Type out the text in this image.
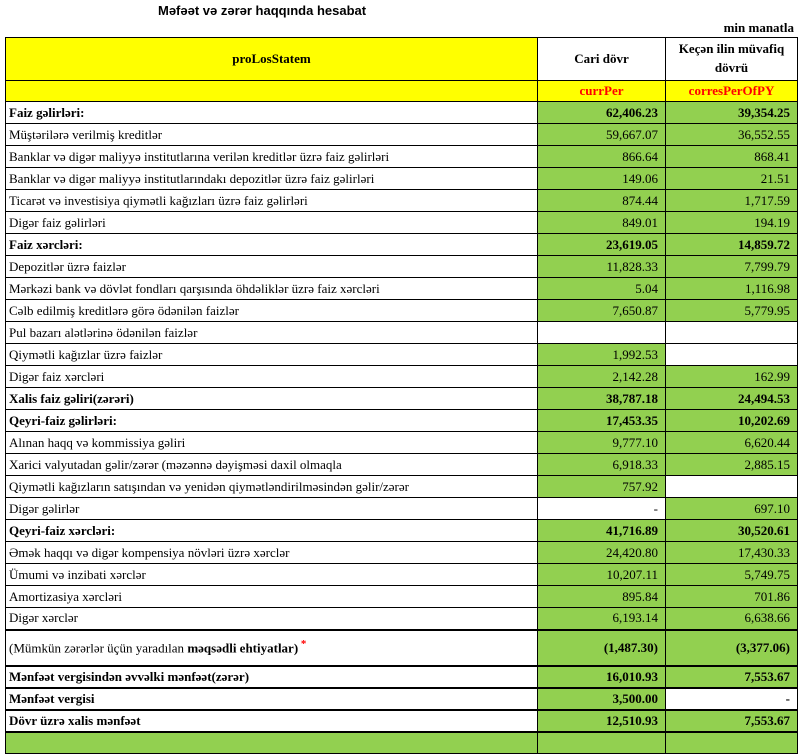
Məfəət və zərər haqqında hesabat
min manatla
proLosStatem	Cari dövr	Keçən ilin müvafiq dövrü
	currPer	corresPerOfPY
Faiz gəlirləri:	62,406.23	39,354.25
Müştərilərə verilmiş kreditlər	59,667.07	36,552.55
Banklar və digər maliyyə institutlarına verilən kreditlər üzrə faiz gəlirləri	866.64	868.41
Banklar və digər maliyyə institutlarındakı depozitlər üzrə faiz gəlirləri	149.06	21.51
Ticarət və investisiya qiymətli kağızları üzrə faiz gəlirləri	874.44	1,717.59
Digər faiz gəlirləri	849.01	194.19
Faiz xərcləri:	23,619.05	14,859.72
Depozitlər üzrə faizlər	11,828.33	7,799.79
Mərkəzi bank və dövlət fondları qarşısında öhdəliklər üzrə faiz xərcləri	5.04	1,116.98
Cəlb edilmiş kreditlərə görə ödənilən faizlər	7,650.87	5,779.95
Pul bazarı alətlərinə ödənilən faizlər		
Qiymətli kağızlar üzrə faizlər	1,992.53	
Digər faiz xərcləri	2,142.28	162.99
Xalis faiz gəliri(zərəri)	38,787.18	24,494.53
Qeyri-faiz gəlirləri:	17,453.35	10,202.69
Alınan haqq və kommissiya gəliri	9,777.10	6,620.44
Xarici valyutadan gəlir/zərər (məzənnə dəyişməsi daxil olmaqla	6,918.33	2,885.15
Qiymətli kağızların satışından və yenidən qiymətləndirilməsindən gəlir/zərər	757.92	
Digər gəlirlər	-	697.10
Qeyri-faiz xərcləri:	41,716.89	30,520.61
Əmək haqqı və digər kompensiya növləri üzrə xərclər	24,420.80	17,430.33
Ümumi və inzibati xərclər	10,207.11	5,749.75
Amortizasiya xərcləri	895.84	701.86
Digər xərclər	6,193.14	6,638.66
(Mümkün zərərlər üçün yaradılan məqsədli ehtiyatlar) *	(1,487.30)	(3,377.06)
Mənfəət vergisindən əvvəlki mənfəət(zərər)	16,010.93	7,553.67
Mənfəət vergisi	3,500.00	-
Dövr üzrə xalis mənfəət	12,510.93	7,553.67
